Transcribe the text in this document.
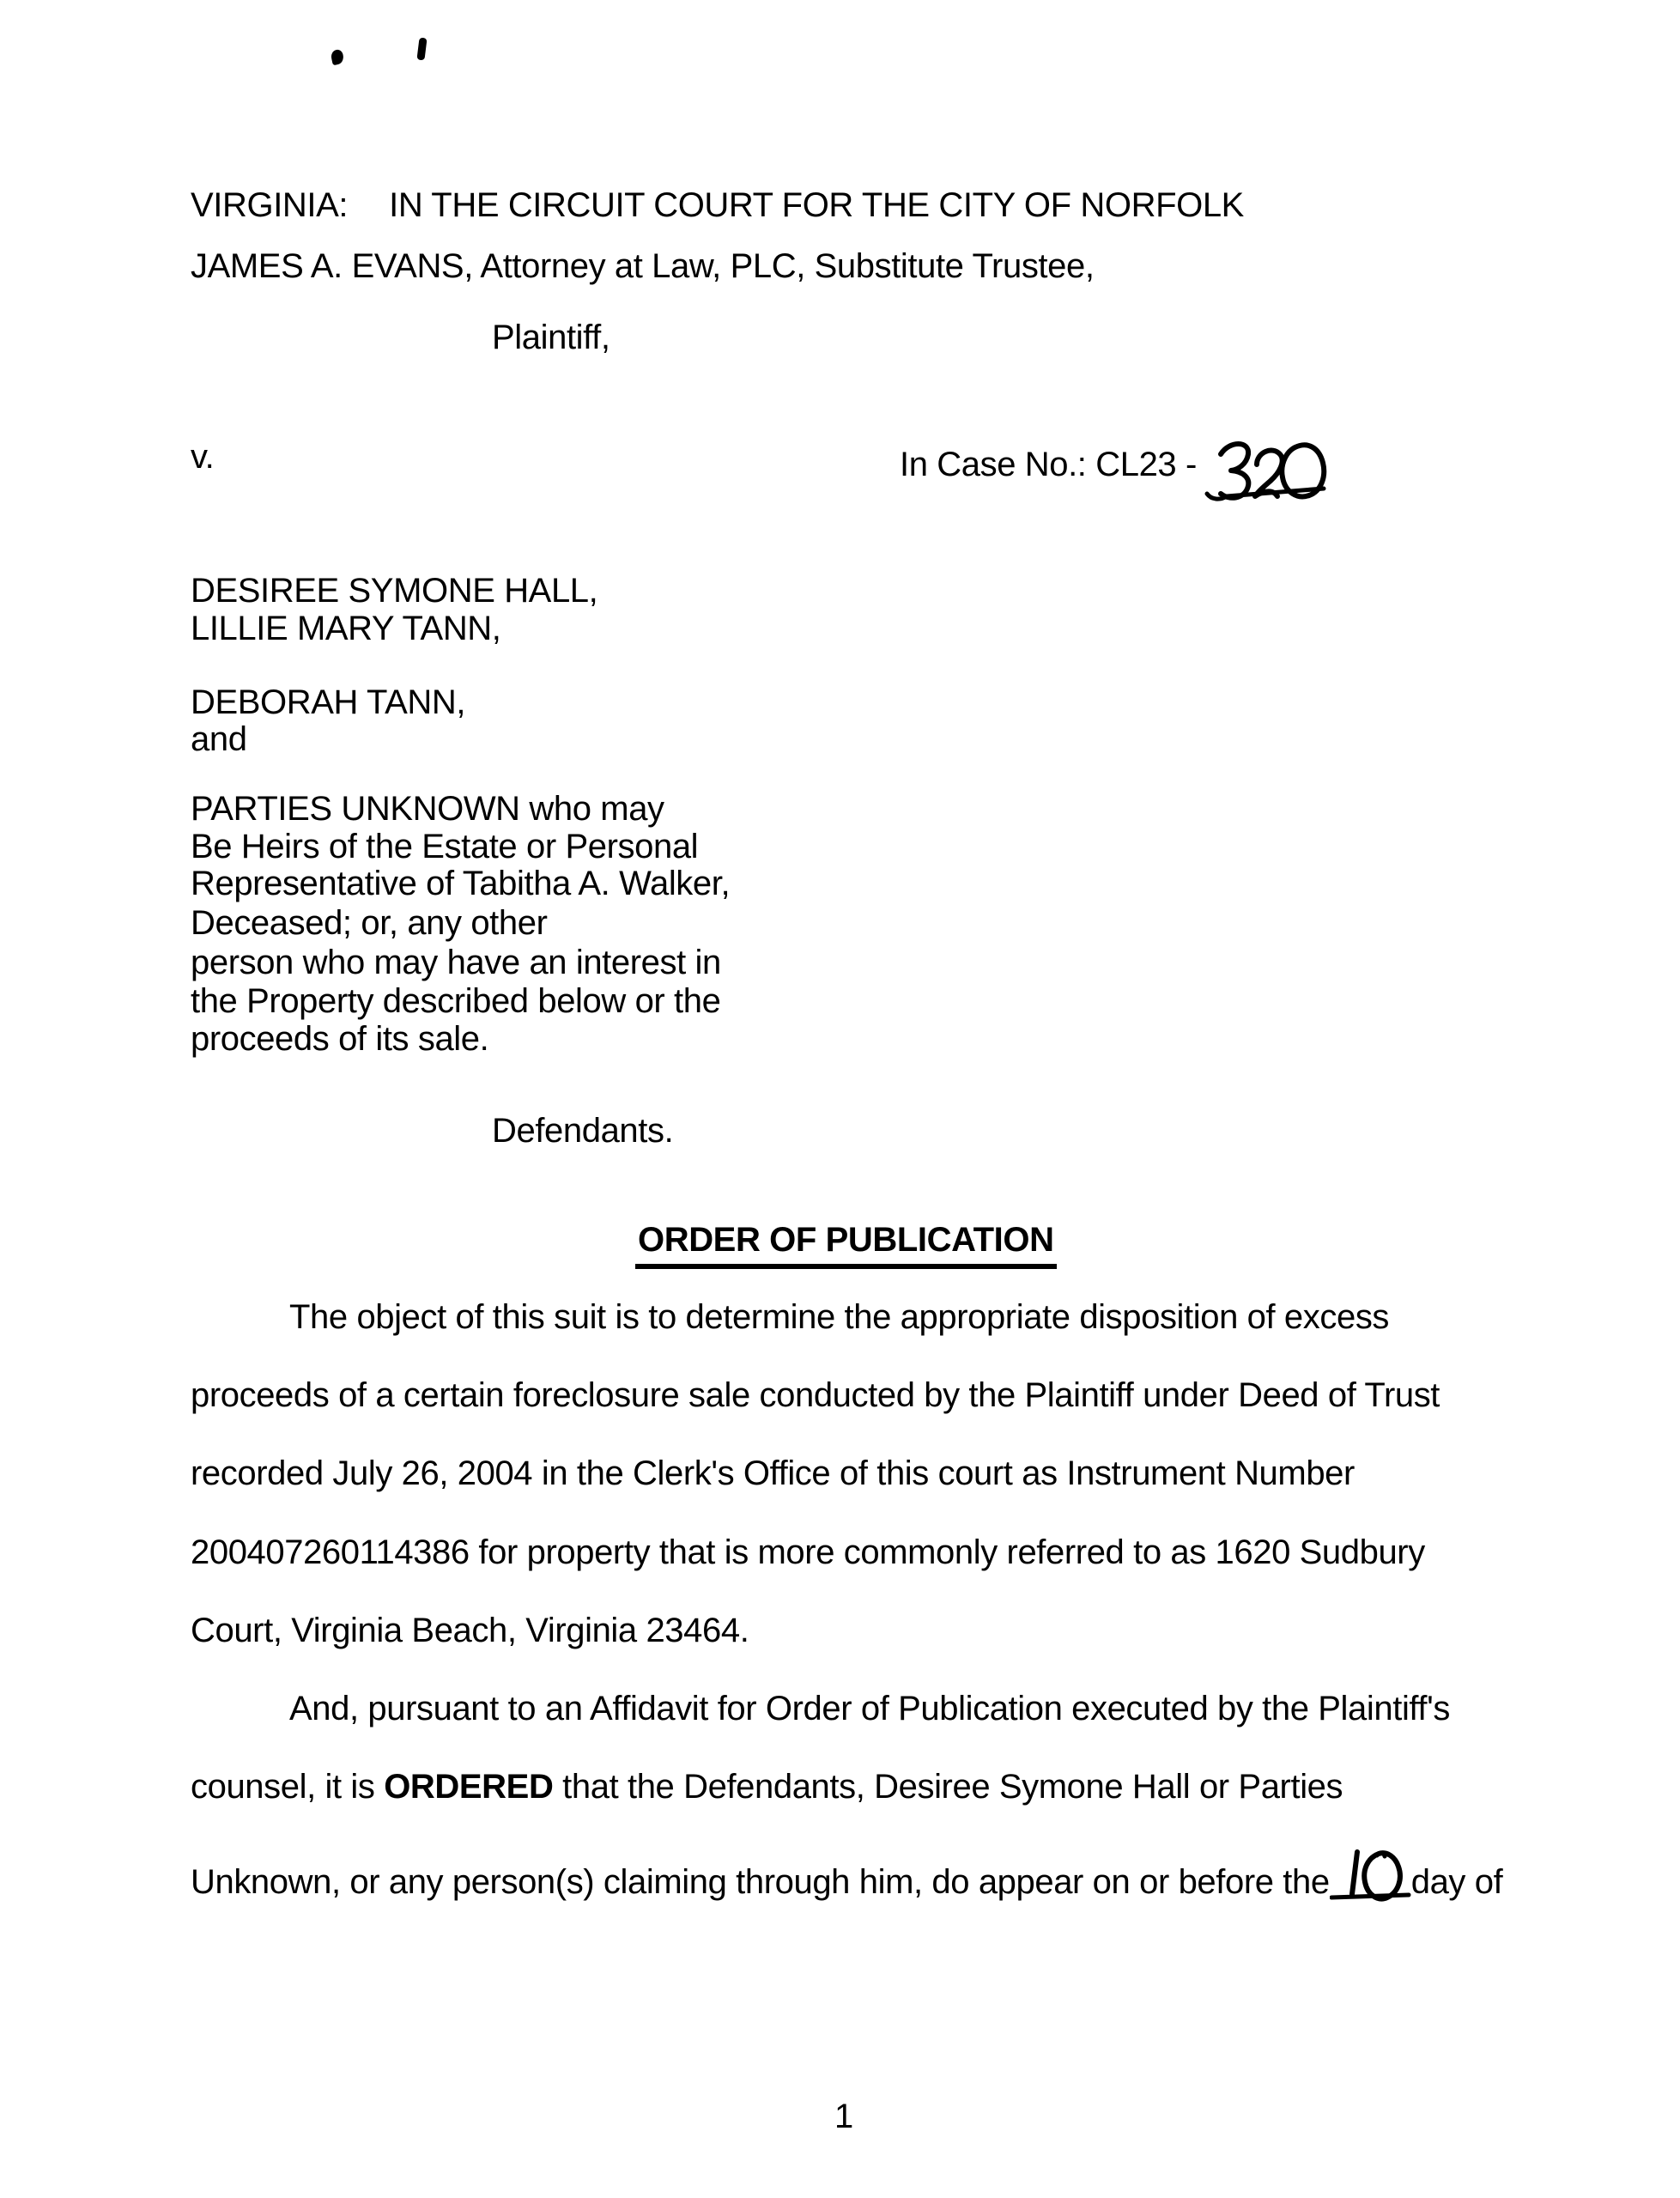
VIRGINIA: IN THE CIRCUIT COURT FOR THE CITY OF NORFOLK
JAMES A. EVANS, Attorney at Law, PLC, Substitute Trustee,
Plaintiff,
v.	In Case No.: CL23 -
DESIREE SYMONE HALL,
LILLIE MARY TANN,
DEBORAH TANN,
and
PARTIES UNKNOWN who may
Be Heirs of the Estate or Personal
Representative of Tabitha A. Walker,
Deceased; or, any other
person who may have an interest in
the Property described below or the
proceeds of its sale.
Defendants.
ORDER OF PUBLICATION
The object of this suit is to determine the appropriate disposition of excess
proceeds of a certain foreclosure sale conducted by the Plaintiff under Deed of Trust
recorded July 26, 2004 in the Clerk's Office of this court as Instrument Number
200407260114386 for property that is more commonly referred to as 1620 Sudbury
Court, Virginia Beach, Virginia 23464.
And, pursuant to an Affidavit for Order of Publication executed by the Plaintiff's
counsel, it is ORDERED that the Defendants, Desiree Symone Hall or Parties
Unknown, or any person(s) claiming through him, do appear on or before the day of
1
